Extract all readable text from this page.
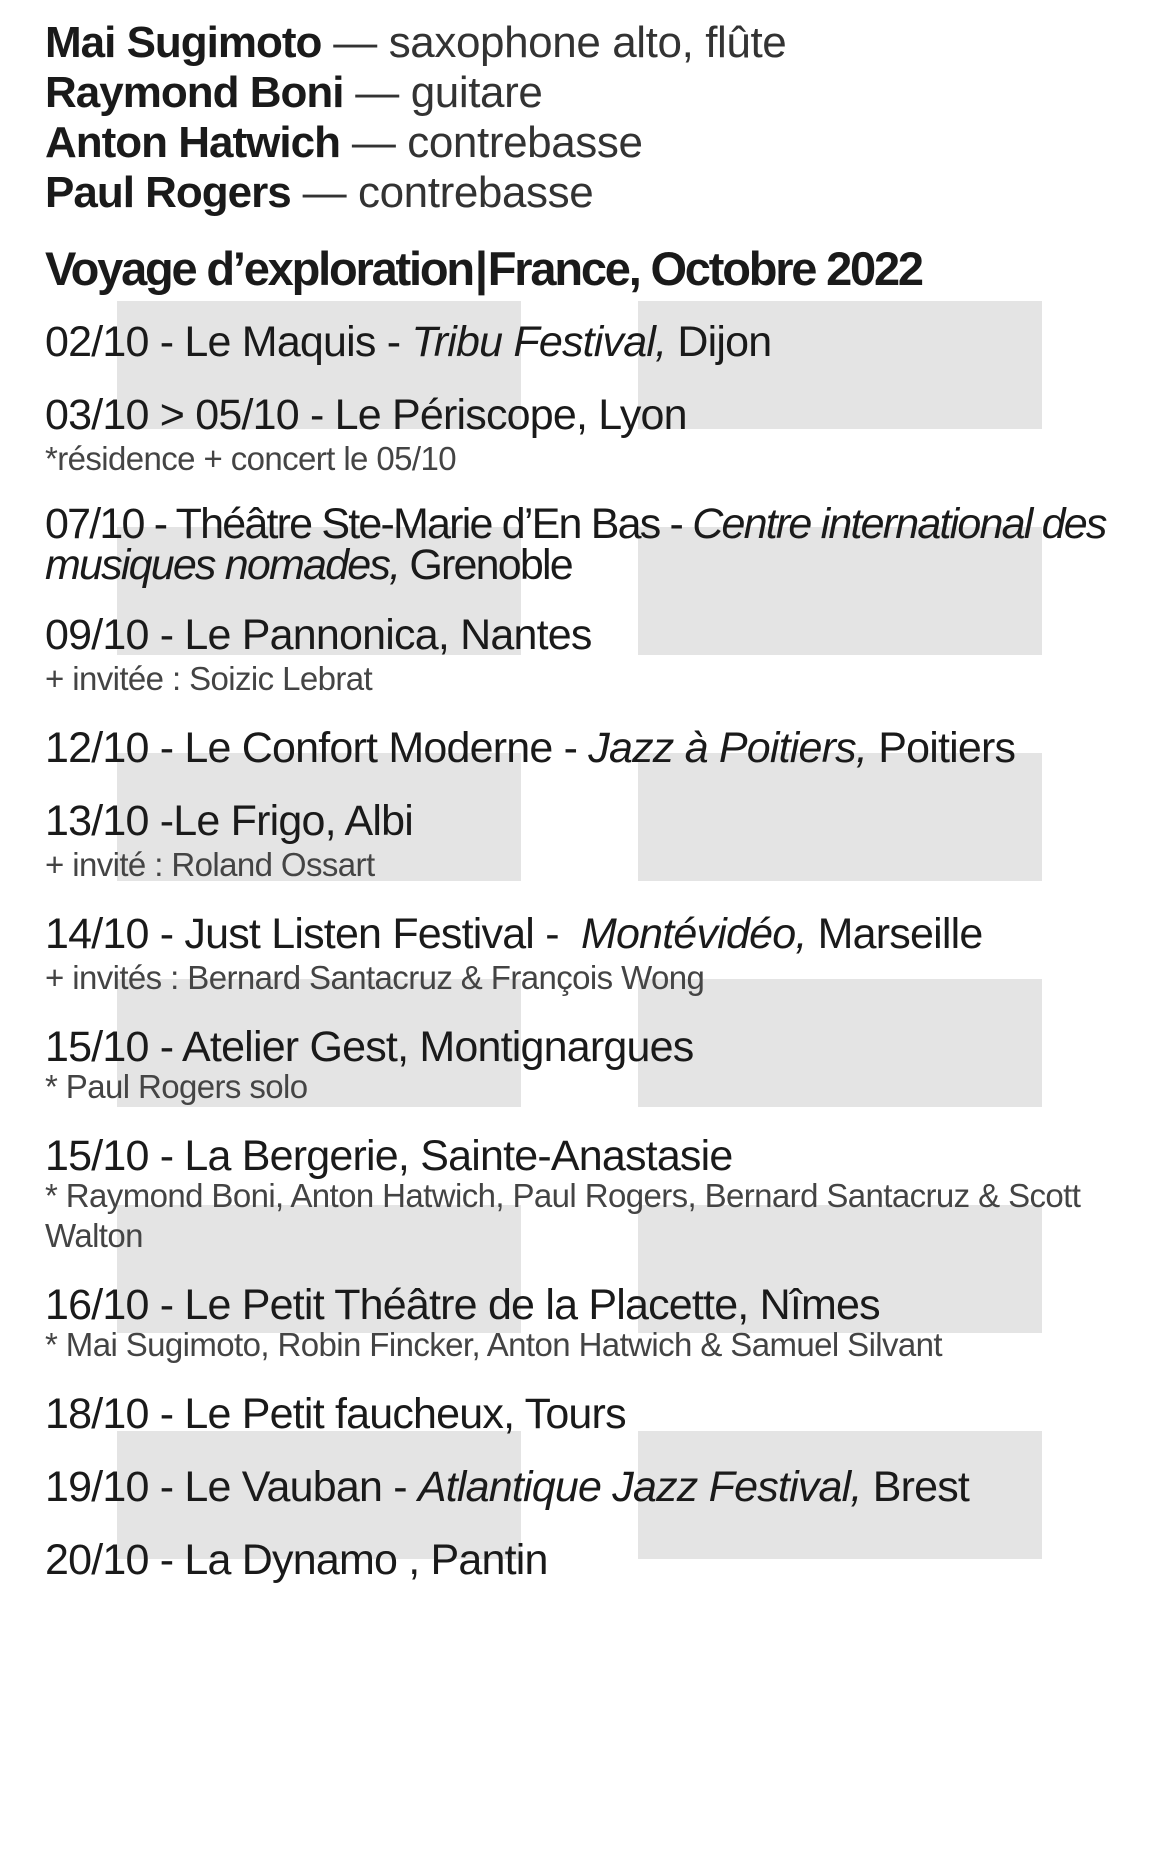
Mai Sugimoto — saxophone alto, flûte
Raymond Boni — guitare
Anton Hatwich — contrebasse
Paul Rogers — contrebasse
Voyage d’exploration|France, Octobre 2022
02/10 - Le Maquis - Tribu Festival, Dijon
03/10 > 05/10 - Le Périscope, Lyon
*résidence + concert le 05/10
07/10 - Théâtre Ste-Marie d’En Bas - Centre international des musiques nomades, Grenoble
09/10 - Le Pannonica, Nantes
+ invitée : Soizic Lebrat
12/10 - Le Confort Moderne - Jazz à Poitiers, Poitiers
13/10 -Le Frigo, Albi
+ invité : Roland Ossart
14/10 - Just Listen Festival -  Montévidéo, Marseille
+ invités : Bernard Santacruz & François Wong
15/10 - Atelier Gest, Montignargues
* Paul Rogers solo
15/10 - La Bergerie, Sainte-Anastasie
* Raymond Boni, Anton Hatwich, Paul Rogers, Bernard Santacruz & Scott Walton
16/10 - Le Petit Théâtre de la Placette, Nîmes
* Mai Sugimoto, Robin Fincker, Anton Hatwich & Samuel Silvant
18/10 - Le Petit faucheux, Tours
19/10 - Le Vauban - Atlantique Jazz Festival, Brest
20/10 - La Dynamo , Pantin
